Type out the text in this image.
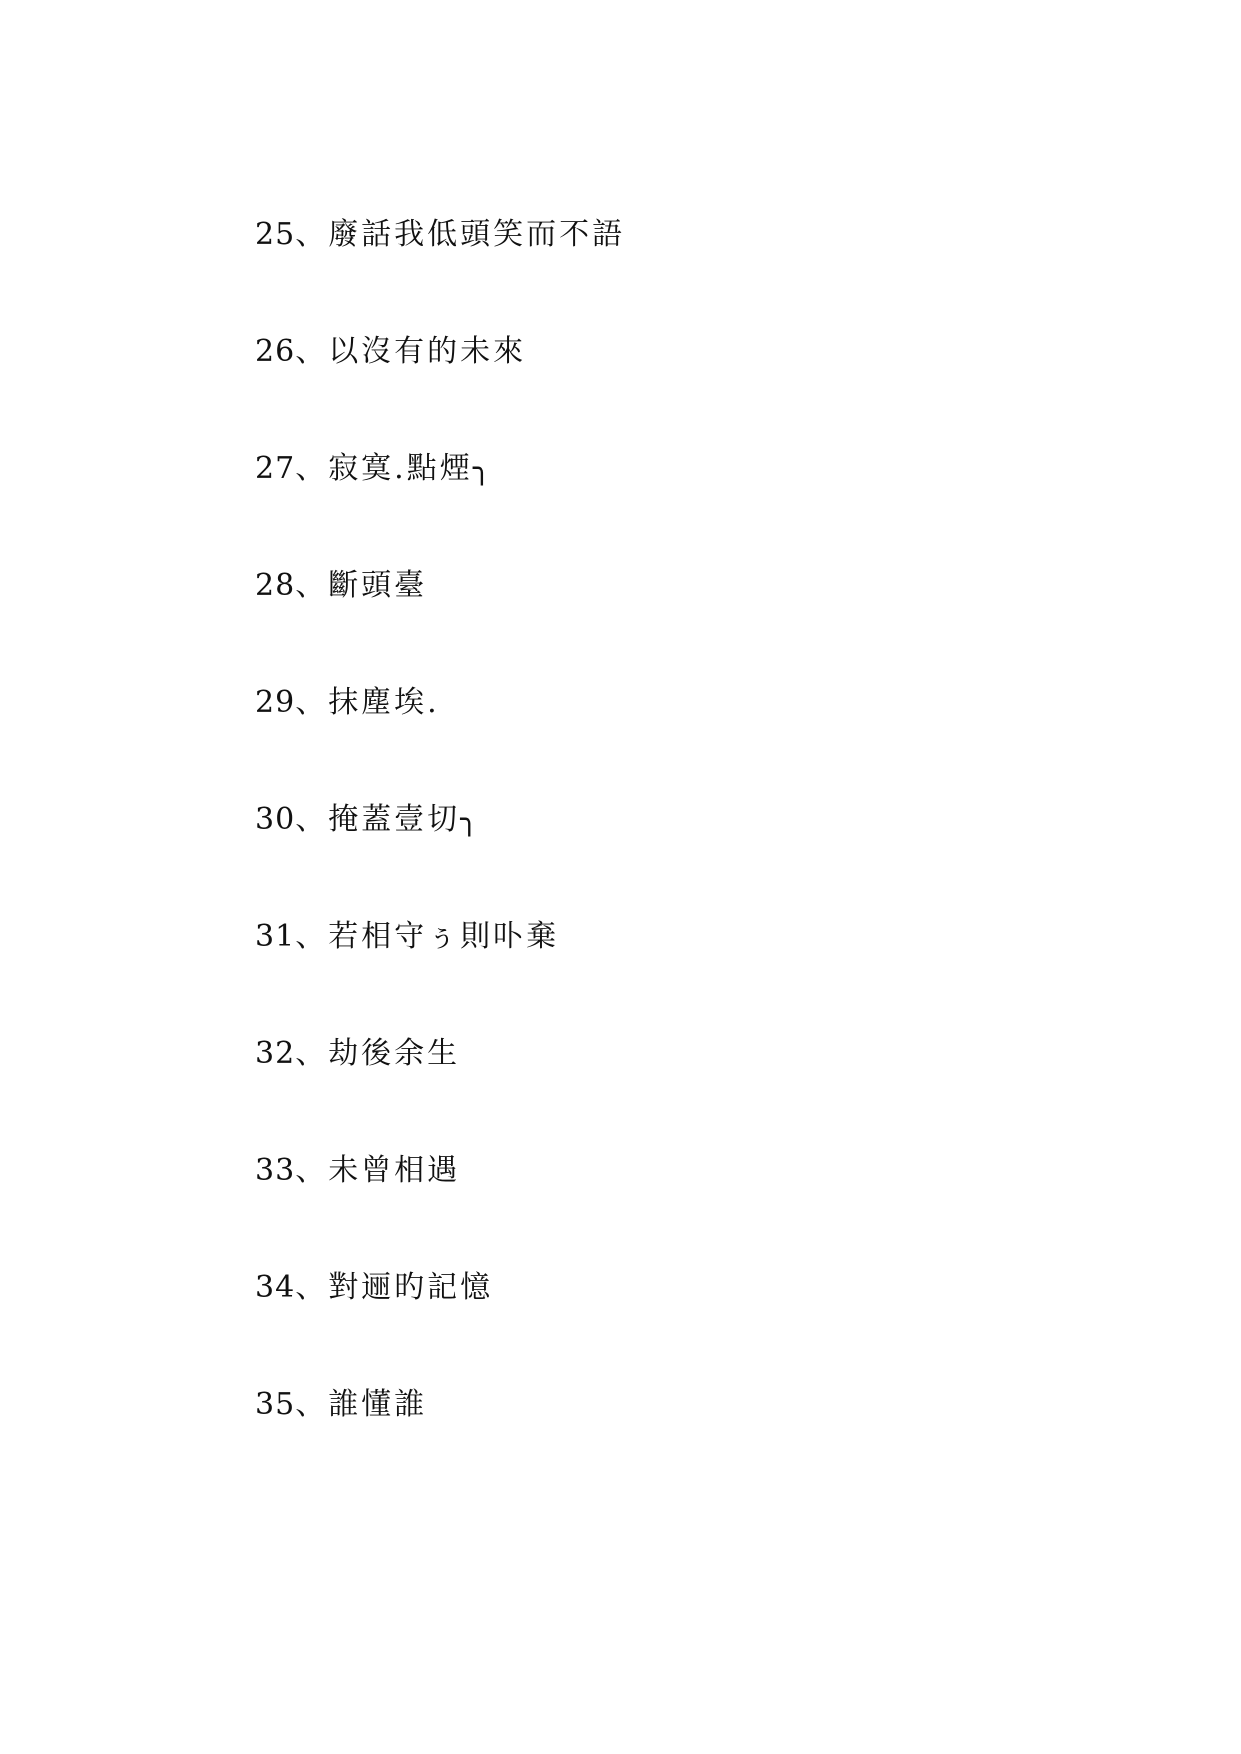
25、廢話我低頭笑而不語
26、以沒有的未來
27、寂寞.點煙╮
28、斷頭臺
29、抹塵埃.
30、掩蓋壹切╮
31、若相守ぅ則卟棄
32、劫後余生
33、未曾相遇
34、對逦旳記憶
35、誰懂誰
